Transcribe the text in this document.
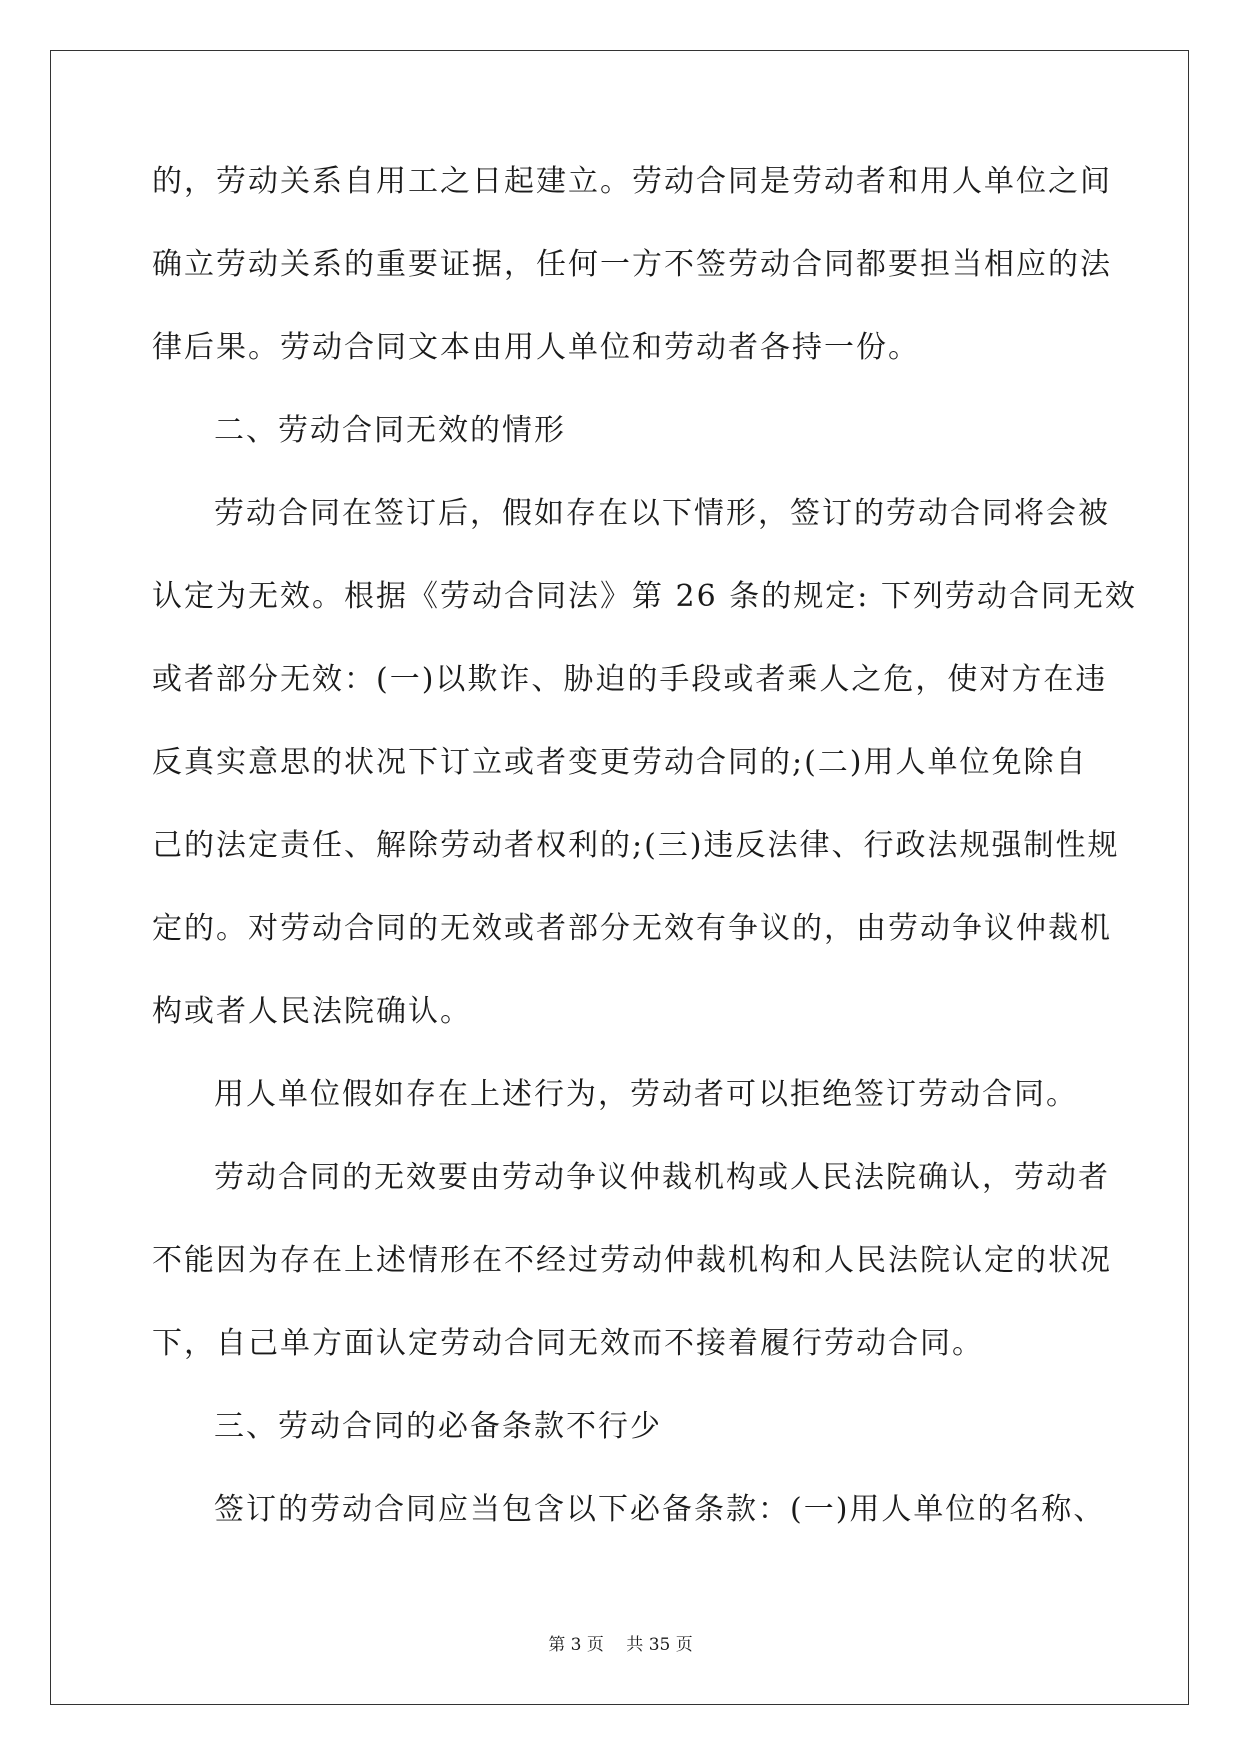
的，劳动关系自用工之日起建立。劳动合同是劳动者和用人单位之间
确立劳动关系的重要证据，任何一方不签劳动合同都要担当相应的法
律后果。劳动合同文本由用人单位和劳动者各持一份。
二、劳动合同无效的情形
劳动合同在签订后，假如存在以下情形，签订的劳动合同将会被
认定为无效。根据《劳动合同法》第 26 条的规定: 下列劳动合同无效
或者部分无效：(一)以欺诈、胁迫的手段或者乘人之危，使对方在违
反真实意思的状况下订立或者变更劳动合同的;(二)用人单位免除自
己的法定责任、解除劳动者权利的;(三)违反法律、行政法规强制性规
定的。对劳动合同的无效或者部分无效有争议的，由劳动争议仲裁机
构或者人民法院确认。
用人单位假如存在上述行为，劳动者可以拒绝签订劳动合同。
劳动合同的无效要由劳动争议仲裁机构或人民法院确认，劳动者
不能因为存在上述情形在不经过劳动仲裁机构和人民法院认定的状况
下，自己单方面认定劳动合同无效而不接着履行劳动合同。
三、劳动合同的必备条款不行少
签订的劳动合同应当包含以下必备条款：(一)用人单位的名称、
第 3 页　 共 35 页
